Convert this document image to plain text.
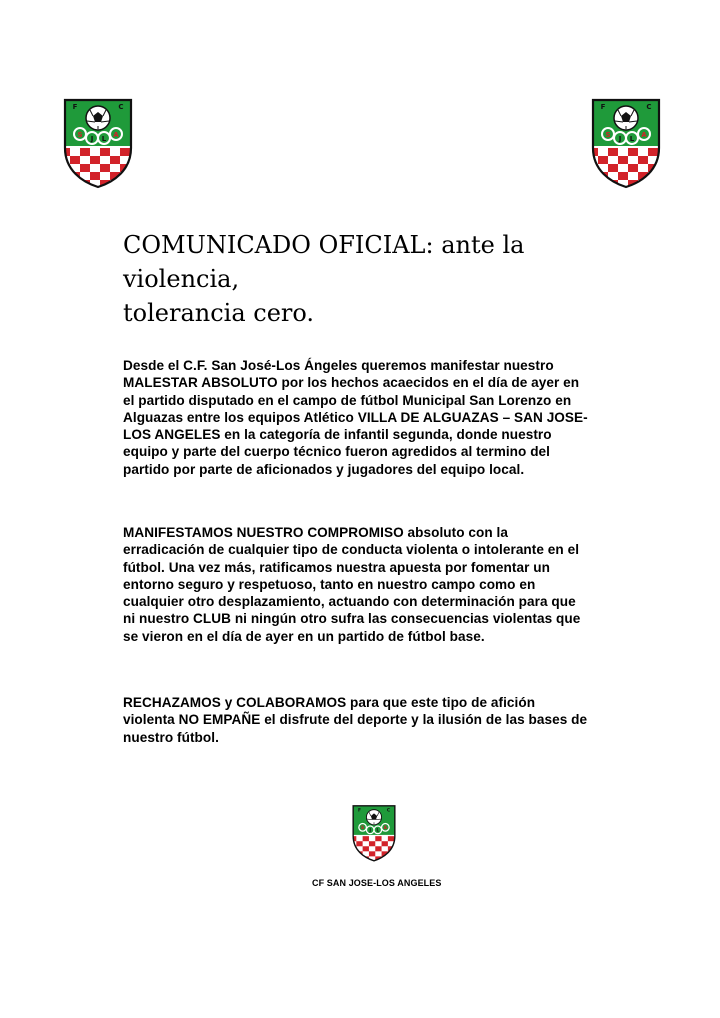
F	C
S J L A
F	C
S J L A
COMUNICADO OFICIAL: ante la violencia,
tolerancia cero.
Desde el C.F. San José-Los Ángeles queremos manifestar nuestro
MALESTAR ABSOLUTO por los hechos acaecidos en el día de ayer en
el partido disputado en el campo de fútbol Municipal San Lorenzo en
Alguazas entre los equipos Atlético VILLA DE ALGUAZAS – SAN JOSE-
LOS ANGELES en la categoría de infantil segunda, donde nuestro
equipo y parte del cuerpo técnico fueron agredidos al termino del
partido por parte de aficionados y jugadores del equipo local.
MANIFESTAMOS NUESTRO COMPROMISO absoluto con la
erradicación de cualquier tipo de conducta violenta o intolerante en el
fútbol. Una vez más, ratificamos nuestra apuesta por fomentar un
entorno seguro y respetuoso, tanto en nuestro campo como en
cualquier otro desplazamiento, actuando con determinación para que
ni nuestro CLUB ni ningún otro sufra las consecuencias violentas que
se vieron en el día de ayer en un partido de fútbol base.
RECHAZAMOS y COLABORAMOS para que este tipo de afición
violenta NO EMPAÑE el disfrute del deporte y la ilusión de las bases de
nuestro fútbol.
F	C
S
J L
A
CF SAN JOSE-LOS ANGELES
